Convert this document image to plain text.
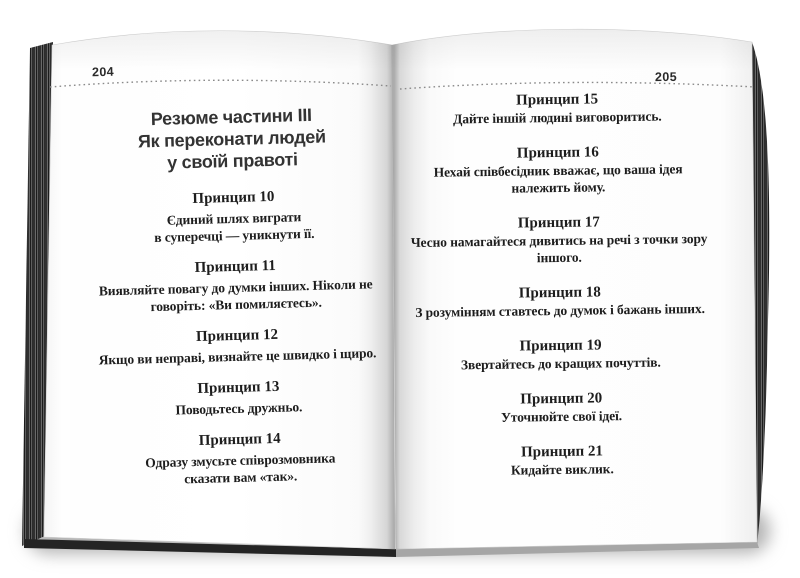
204	205
Резюме частини III
Як переконати людей
у своїй правоті
Принцип 10
Єдиний шлях виграти
в суперечці — уникнути її.
Принцип 11
Виявляйте повагу до думки інших. Ніколи не
говоріть: «Ви помиляєтесь».
Принцип 12
Якщо ви неправі, визнайте це швидко і щиро.
Принцип 13
Поводьтесь дружньо.
Принцип 14
Одразу змусьте співрозмовника
сказати вам «так».
Принцип 15
Дайте іншій людині виговоритись.
Принцип 16
Нехай співбесідник вважає, що ваша ідея
належить йому.
Принцип 17
Чесно намагайтеся дивитись на речі з точки зору
іншого.
Принцип 18
З розумінням ставтесь до думок і бажань інших.
Принцип 19
Звертайтесь до кращих почуттів.
Принцип 20
Уточнюйте свої ідеї.
Принцип 21
Кидайте виклик.
